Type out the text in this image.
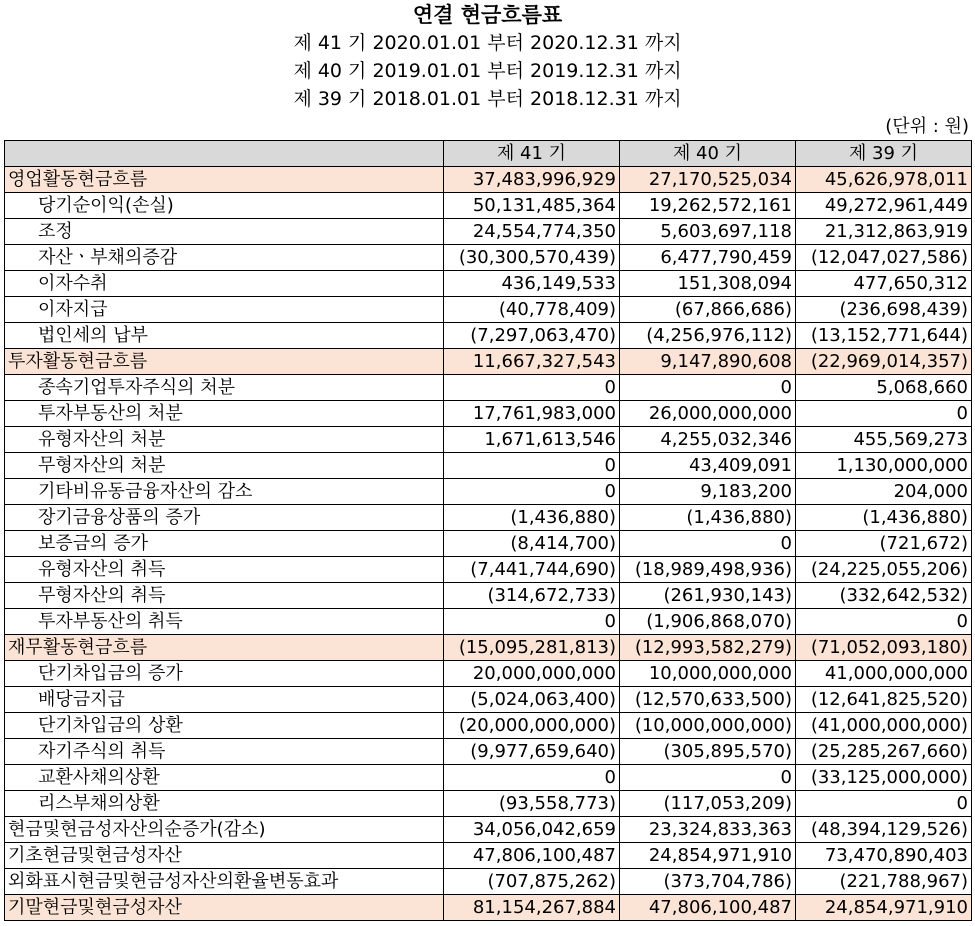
연결 현금흐름표
제 41 기 2020.01.01 부터 2020.12.31 까지
제 40 기 2019.01.01 부터 2019.12.31 까지
제 39 기 2018.01.01 부터 2018.12.31 까지
(단위 : 원)
	제 41 기	제 40 기	제 39 기
영업활동현금흐름	37,483,996,929	27,170,525,034	45,626,978,011
당기순이익(손실)	50,131,485,364	19,262,572,161	49,272,961,449
조정	24,554,774,350	5,603,697,118	21,312,863,919
자산ㆍ부채의증감	(30,300,570,439)	6,477,790,459	(12,047,027,586)
이자수취	436,149,533	151,308,094	477,650,312
이자지급	(40,778,409)	(67,866,686)	(236,698,439)
법인세의 납부	(7,297,063,470)	(4,256,976,112)	(13,152,771,644)
투자활동현금흐름	11,667,327,543	9,147,890,608	(22,969,014,357)
종속기업투자주식의 처분	0	0	5,068,660
투자부동산의 처분	17,761,983,000	26,000,000,000	0
유형자산의 처분	1,671,613,546	4,255,032,346	455,569,273
무형자산의 처분	0	43,409,091	1,130,000,000
기타비유동금융자산의 감소	0	9,183,200	204,000
장기금융상품의 증가	(1,436,880)	(1,436,880)	(1,436,880)
보증금의 증가	(8,414,700)	0	(721,672)
유형자산의 취득	(7,441,744,690)	(18,989,498,936)	(24,225,055,206)
무형자산의 취득	(314,672,733)	(261,930,143)	(332,642,532)
투자부동산의 취득	0	(1,906,868,070)	0
재무활동현금흐름	(15,095,281,813)	(12,993,582,279)	(71,052,093,180)
단기차입금의 증가	20,000,000,000	10,000,000,000	41,000,000,000
배당금지급	(5,024,063,400)	(12,570,633,500)	(12,641,825,520)
단기차입금의 상환	(20,000,000,000)	(10,000,000,000)	(41,000,000,000)
자기주식의 취득	(9,977,659,640)	(305,895,570)	(25,285,267,660)
교환사채의상환	0	0	(33,125,000,000)
리스부채의상환	(93,558,773)	(117,053,209)	0
현금및현금성자산의순증가(감소)	34,056,042,659	23,324,833,363	(48,394,129,526)
기초현금및현금성자산	47,806,100,487	24,854,971,910	73,470,890,403
외화표시현금및현금성자산의환율변동효과	(707,875,262)	(373,704,786)	(221,788,967)
기말현금및현금성자산	81,154,267,884	47,806,100,487	24,854,971,910
